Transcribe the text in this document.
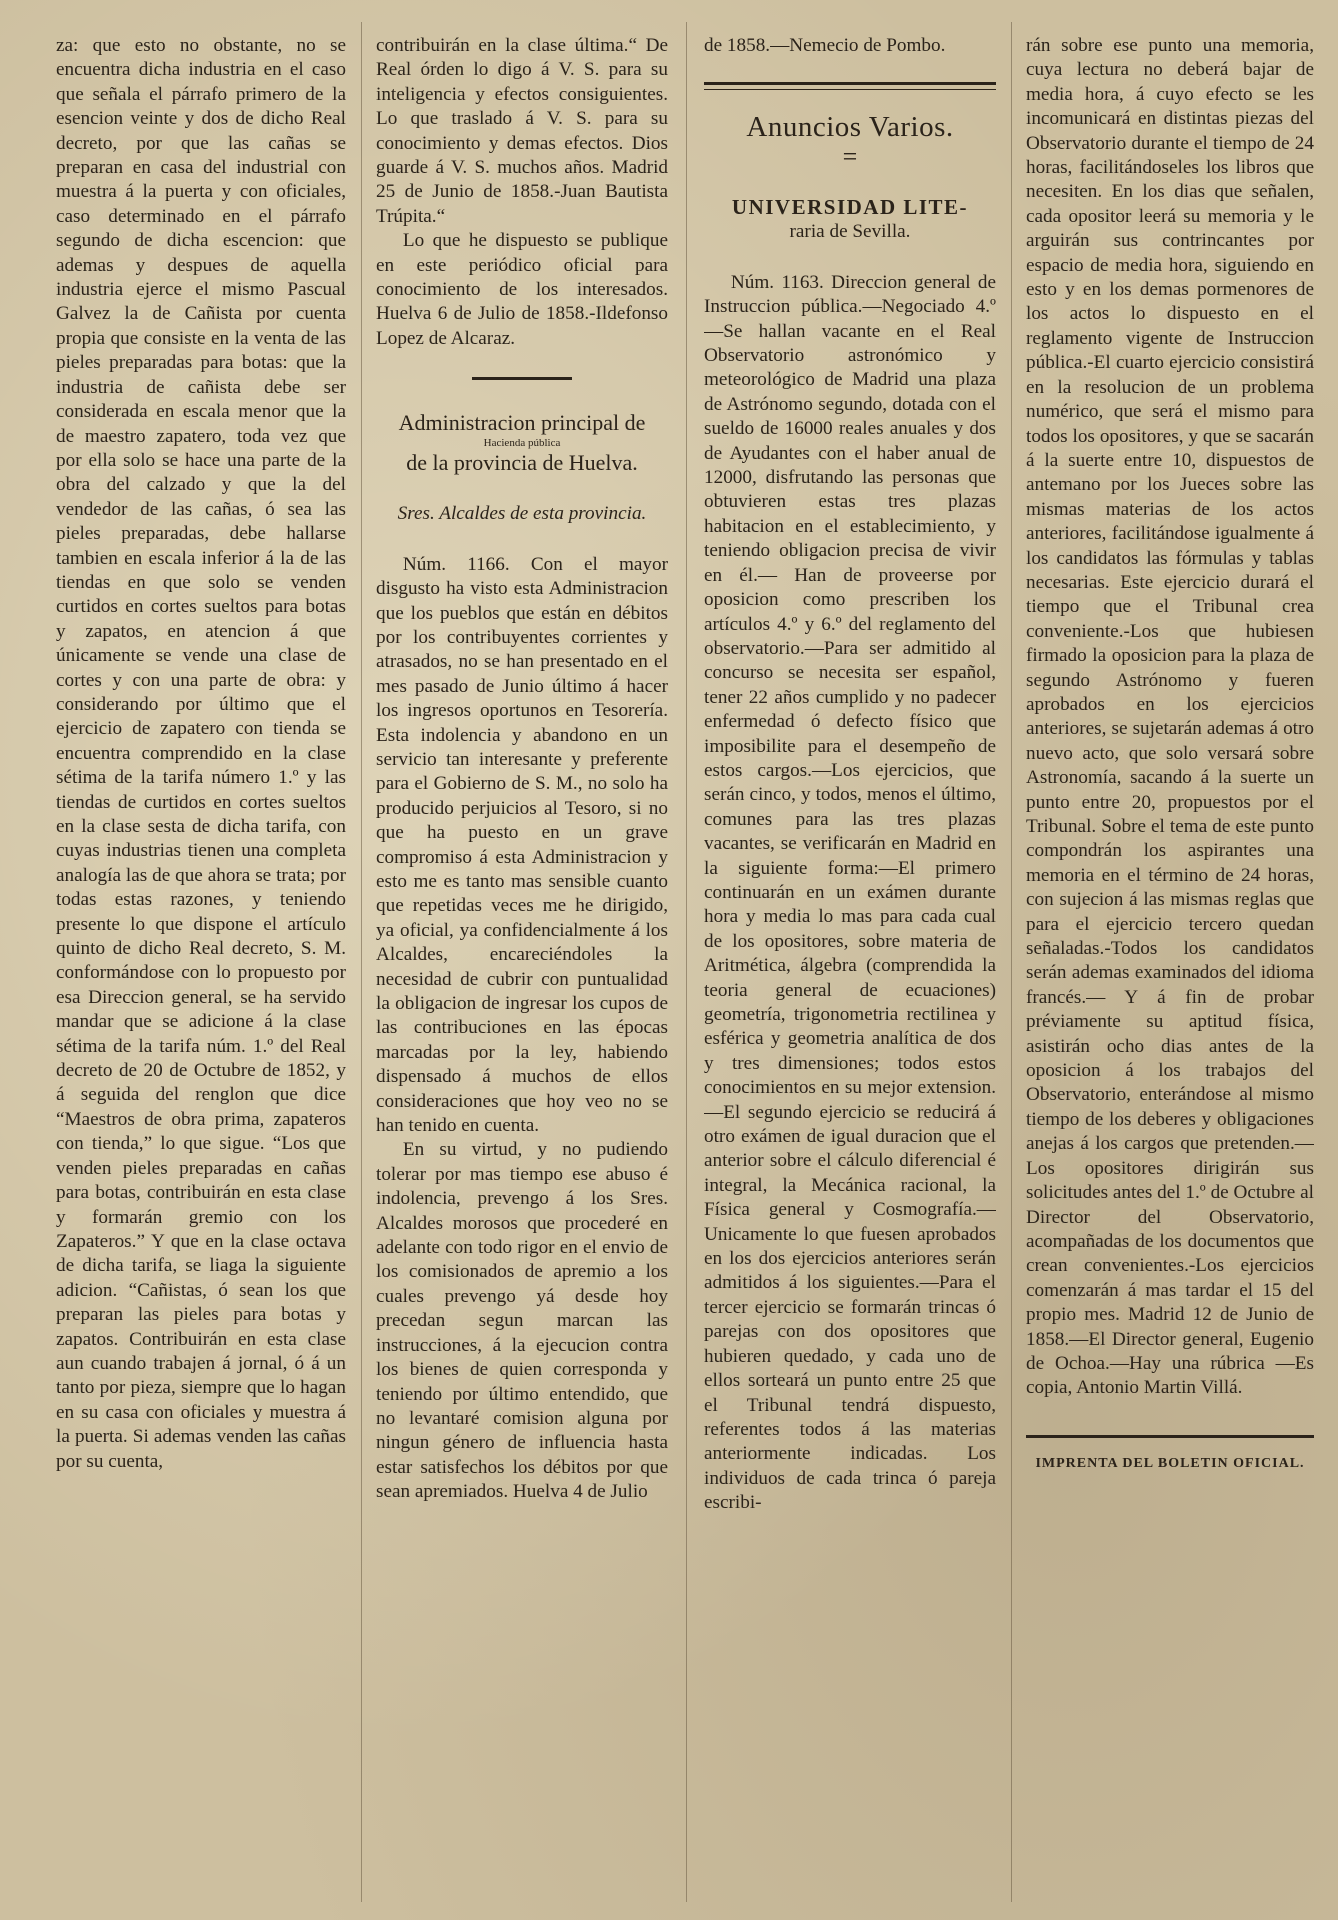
za: que esto no obstante, no se encuentra dicha industria en el caso que señala el párrafo primero de la esencion veinte y dos de dicho Real decreto, por que las cañas se preparan en casa del industrial con muestra á la puerta y con oficiales, caso determinado en el párrafo segundo de dicha escencion: que ademas y despues de aquella industria ejerce el mismo Pascual Galvez la de Cañista por cuenta propia que consiste en la venta de las pieles preparadas para botas: que la industria de cañista debe ser considerada en escala menor que la de maestro zapatero, toda vez que por ella solo se hace una parte de la obra del calzado y que la del vendedor de las cañas, ó sea las pieles preparadas, debe hallarse tambien en escala inferior á la de las tiendas en que solo se venden curtidos en cortes sueltos para botas y zapatos, en atencion á que únicamente se vende una clase de cortes y con una parte de obra: y considerando por último que el ejercicio de zapatero con tienda se encuentra comprendido en la clase sétima de la tarifa número 1.º y las tiendas de curtidos en cortes sueltos en la clase sesta de dicha tarifa, con cuyas industrias tienen una completa analogía las de que ahora se trata; por todas estas razones, y teniendo presente lo que dispone el artículo quinto de dicho Real decreto, S. M. conformándose con lo propuesto por esa Direccion general, se ha servido mandar que se adicione á la clase sétima de la tarifa núm. 1.º del Real decreto de 20 de Octubre de 1852, y á seguida del renglon que dice “Maestros de obra prima, zapateros con tienda,” lo que sigue. “Los que venden pieles preparadas en cañas para botas, contribuirán en esta clase y formarán gremio con los Zapateros.” Y que en la clase octava de dicha tarifa, se liaga la siguiente adicion. “Cañistas, ó sean los que preparan las pieles para botas y zapatos. Contribuirán en esta clase aun cuando trabajen á jornal, ó á un tanto por pieza, siempre que lo hagan en su casa con oficiales y muestra á la puerta. Si ademas venden las cañas por su cuenta,

contribuirán en la clase última.“ De Real órden lo digo á V. S. para su inteligencia y efectos consiguientes. Lo que traslado á V. S. para su conocimiento y demas efectos. Dios guarde á V. S. muchos años. Madrid 25 de Junio de 1858.-Juan Bautista Trúpita.“

Lo que he dispuesto se publique en este periódico oficial para conocimiento de los interesados. Huelva 6 de Julio de 1858.-Ildefonso Lopez de Alcaraz.

Administracion principal de

Hacienda pública

de la provincia de Huelva.

Sres. Alcaldes de esta provincia.

Núm. 1166. Con el mayor disgusto ha visto esta Administracion que los pueblos que están en débitos por los contribuyentes corrientes y atrasados, no se han presentado en el mes pasado de Junio último á hacer los ingresos oportunos en Tesorería. Esta indolencia y abandono en un servicio tan interesante y preferente para el Gobierno de S. M., no solo ha producido perjuicios al Tesoro, si no que ha puesto en un grave compromiso á esta Administracion y esto me es tanto mas sensible cuanto que repetidas veces me he dirigido, ya oficial, ya confidencialmente á los Alcaldes, encareciéndoles la necesidad de cubrir con puntualidad la obligacion de ingresar los cupos de las contribuciones en las épocas marcadas por la ley, habiendo dispensado á muchos de ellos consideraciones que hoy veo no se han tenido en cuenta.

En su virtud, y no pudiendo tolerar por mas tiempo ese abuso é indolencia, prevengo á los Sres. Alcaldes morosos que procederé en adelante con todo rigor en el envio de los comisionados de apremio a los cuales prevengo yá desde hoy precedan segun marcan las instrucciones, á la ejecucion contra los bienes de quien corresponda y teniendo por último entendido, que no levantaré comision alguna por ningun género de influencia hasta estar satisfechos los débitos por que sean apremiados. Huelva 4 de Julio

de 1858.—Nemecio de Pombo.

Anuncios Varios.

=

UNIVERSIDAD LITE-

raria de Sevilla.

Núm. 1163. Direccion general de Instruccion pública.—Negociado 4.º—Se hallan vacante en el Real Observatorio astronómico y meteorológico de Madrid una plaza de Astrónomo segundo, dotada con el sueldo de 16000 reales anuales y dos de Ayudantes con el haber anual de 12000, disfrutando las personas que obtuvieren estas tres plazas habitacion en el establecimiento, y teniendo obligacion precisa de vivir en él.— Han de proveerse por oposicion como prescriben los artículos 4.º y 6.º del reglamento del observatorio.—Para ser admitido al concurso se necesita ser español, tener 22 años cumplido y no padecer enfermedad ó defecto físico que imposibilite para el desempeño de estos cargos.—Los ejercicios, que serán cinco, y todos, menos el último, comunes para las tres plazas vacantes, se verificarán en Madrid en la siguiente forma:—El primero continuarán en un exámen durante hora y media lo mas para cada cual de los opositores, sobre materia de Aritmética, álgebra (comprendida la teoria general de ecuaciones) geometría, trigonometria rectilinea y esférica y geometria analítica de dos y tres dimensiones; todos estos conocimientos en su mejor extension.—El segundo ejercicio se reducirá á otro exámen de igual duracion que el anterior sobre el cálculo diferencial é integral, la Mecánica racional, la Física general y Cosmografía.—Unicamente lo que fuesen aprobados en los dos ejercicios anteriores serán admitidos á los siguientes.—Para el tercer ejercicio se formarán trincas ó parejas con dos opositores que hubieren quedado, y cada uno de ellos sorteará un punto entre 25 que el Tribunal tendrá dispuesto, referentes todos á las materias anteriormente indicadas. Los individuos de cada trinca ó pareja escribi-

rán sobre ese punto una memoria, cuya lectura no deberá bajar de media hora, á cuyo efecto se les incomunicará en distintas piezas del Observatorio durante el tiempo de 24 horas, facilitándoseles los libros que necesiten. En los dias que señalen, cada opositor leerá su memoria y le arguirán sus contrincantes por espacio de media hora, siguiendo en esto y en los demas pormenores de los actos lo dispuesto en el reglamento vigente de Instruccion pública.-El cuarto ejercicio consistirá en la resolucion de un problema numérico, que será el mismo para todos los opositores, y que se sacarán á la suerte entre 10, dispuestos de antemano por los Jueces sobre las mismas materias de los actos anteriores, facilitándose igualmente á los candidatos las fórmulas y tablas necesarias. Este ejercicio durará el tiempo que el Tribunal crea conveniente.-Los que hubiesen firmado la oposicion para la plaza de segundo Astrónomo y fueren aprobados en los ejercicios anteriores, se sujetarán ademas á otro nuevo acto, que solo versará sobre Astronomía, sacando á la suerte un punto entre 20, propuestos por el Tribunal. Sobre el tema de este punto compondrán los aspirantes una memoria en el término de 24 horas, con sujecion á las mismas reglas que para el ejercicio tercero quedan señaladas.-Todos los candidatos serán ademas examinados del idioma francés.— Y á fin de probar préviamente su aptitud física, asistirán ocho dias antes de la oposicion á los trabajos del Observatorio, enterándose al mismo tiempo de los deberes y obligaciones anejas á los cargos que pretenden.— Los opositores dirigirán sus solicitudes antes del 1.º de Octubre al Director del Observatorio, acompañadas de los documentos que crean convenientes.-Los ejercicios comenzarán á mas tardar el 15 del propio mes. Madrid 12 de Junio de 1858.—El Director general, Eugenio de Ochoa.—Hay una rúbrica —Es copia, Antonio Martin Villá.

IMPRENTA DEL BOLETIN OFICIAL.
